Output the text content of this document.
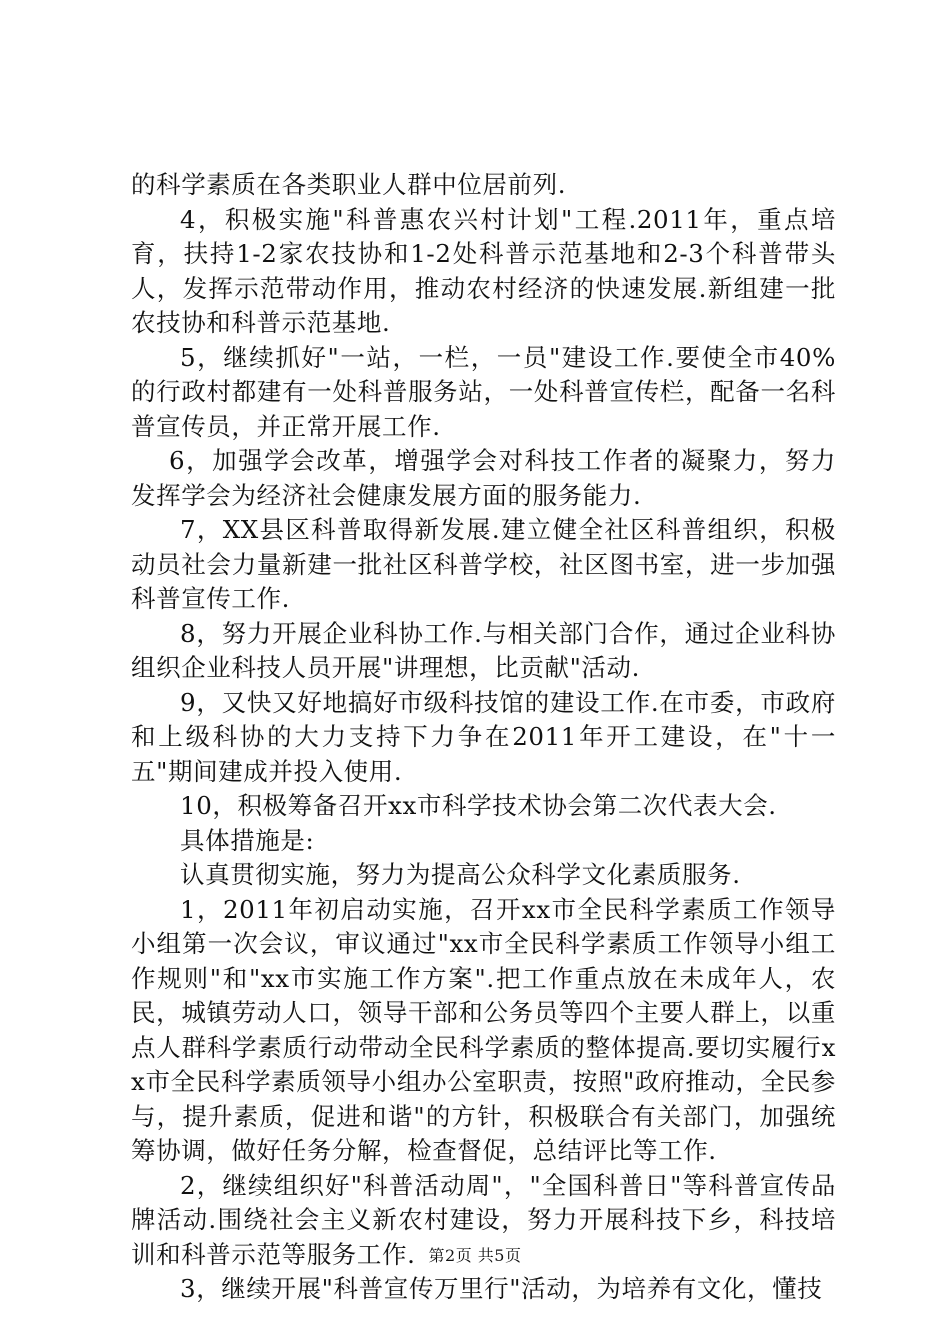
的科学素质在各类职业人群中位居前列.

4，积极实施"科普惠农兴村计划"工程.2011年，重点培育，扶持1-2家农技协和1-2处科普示范基地和2-3个科普带头人，发挥示范带动作用，推动农村经济的快速发展.新组建一批农技协和科普示范基地.

5，继续抓好"一站，一栏，一员"建设工作.要使全市40%的行政村都建有一处科普服务站，一处科普宣传栏，配备一名科普宣传员，并正常开展工作.

6，加强学会改革，增强学会对科技工作者的凝聚力，努力发挥学会为经济社会健康发展方面的服务能力.

7，XX县区科普取得新发展.建立健全社区科普组织，积极动员社会力量新建一批社区科普学校，社区图书室，进一步加强科普宣传工作.

8，努力开展企业科协工作.与相关部门合作，通过企业科协组织企业科技人员开展"讲理想，比贡献"活动.

9，又快又好地搞好市级科技馆的建设工作.在市委，市政府和上级科协的大力支持下力争在2011年开工建设，在"十一五"期间建成并投入使用.

10，积极筹备召开xx市科学技术协会第二次代表大会.

具体措施是:

认真贯彻实施，努力为提高公众科学文化素质服务.

1，2011年初启动实施，召开xx市全民科学素质工作领导小组第一次会议，审议通过"xx市全民科学素质工作领导小组工作规则"和"xx市实施工作方案".把工作重点放在未成年人，农民，城镇劳动人口，领导干部和公务员等四个主要人群上，以重点人群科学素质行动带动全民科学素质的整体提高.要切实履行xx市全民科学素质领导小组办公室职责，按照"政府推动，全民参与，提升素质，促进和谐"的方针，积极联合有关部门，加强统筹协调，做好任务分解，检查督促，总结评比等工作.

2，继续组织好"科普活动周"，"全国科普日"等科普宣传品牌活动.围绕社会主义新农村建设，努力开展科技下乡，科技培训和科普示范等服务工作.

3，继续开展"科普宣传万里行"活动，为培养有文化，懂技

第2页 共5页
